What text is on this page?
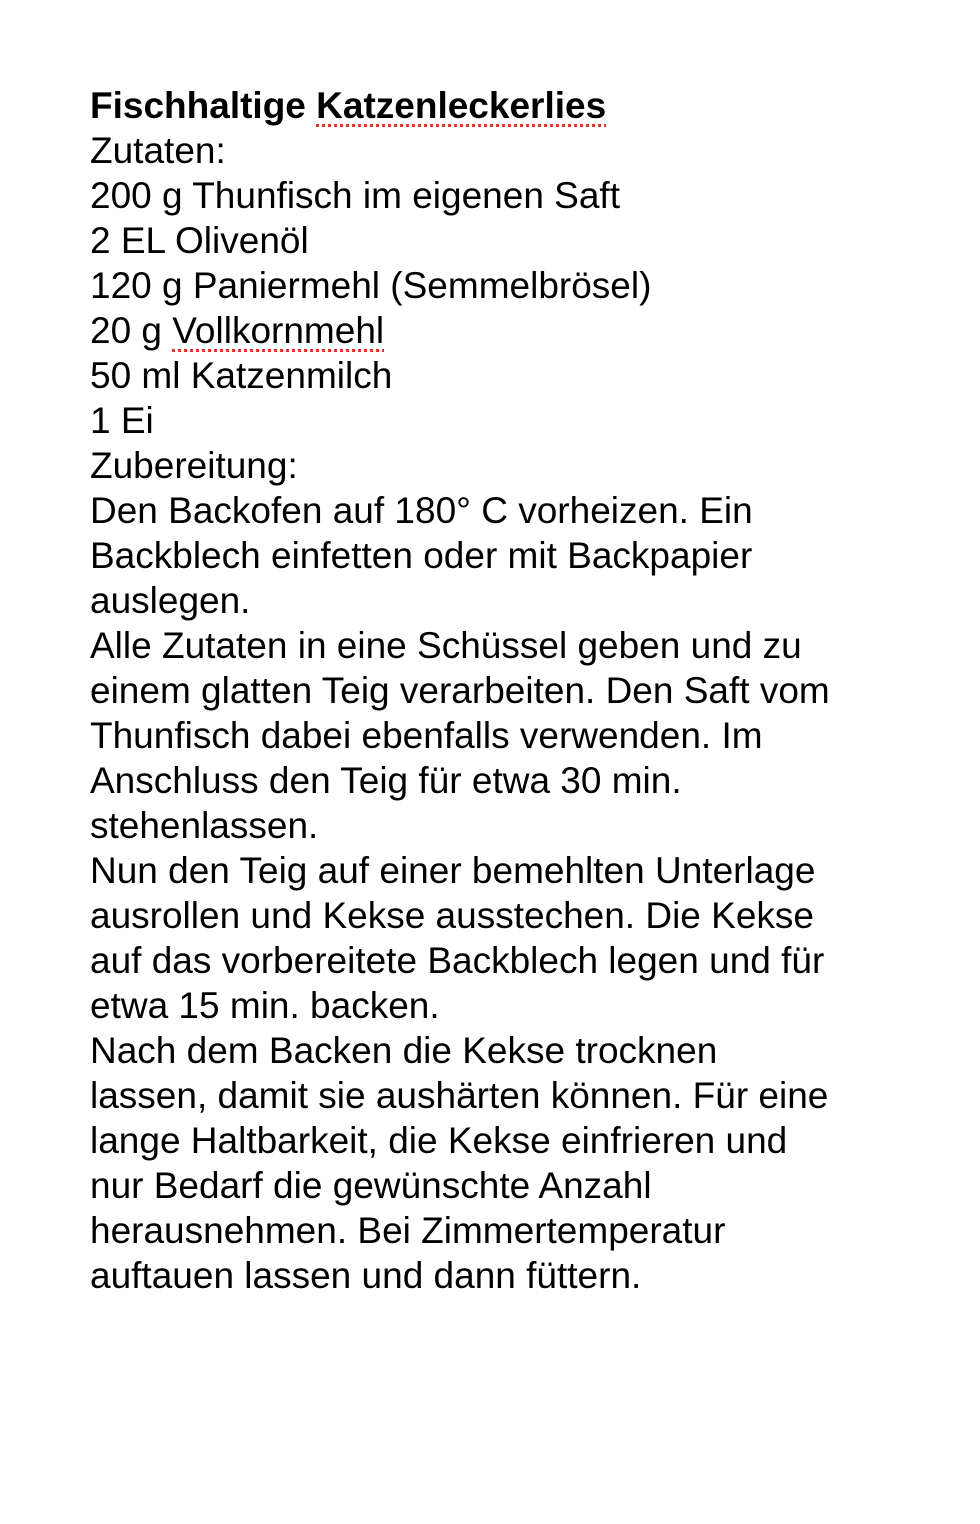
Fischhaltige Katzenleckerlies
Zutaten:
200 g Thunfisch im eigenen Saft
2 EL Olivenöl
120 g Paniermehl (Semmelbrösel)
20 g Vollkornmehl
50 ml Katzenmilch
1 Ei
Zubereitung:
Den Backofen auf 180° C vorheizen. Ein
Backblech einfetten oder mit Backpapier
auslegen.
Alle Zutaten in eine Schüssel geben und zu
einem glatten Teig verarbeiten. Den Saft vom
Thunfisch dabei ebenfalls verwenden. Im
Anschluss den Teig für etwa 30 min.
stehenlassen.
Nun den Teig auf einer bemehlten Unterlage
ausrollen und Kekse ausstechen. Die Kekse
auf das vorbereitete Backblech legen und für
etwa 15 min. backen.
Nach dem Backen die Kekse trocknen
lassen, damit sie aushärten können. Für eine
lange Haltbarkeit, die Kekse einfrieren und
nur Bedarf die gewünschte Anzahl
herausnehmen. Bei Zimmertemperatur
auftauen lassen und dann füttern.
